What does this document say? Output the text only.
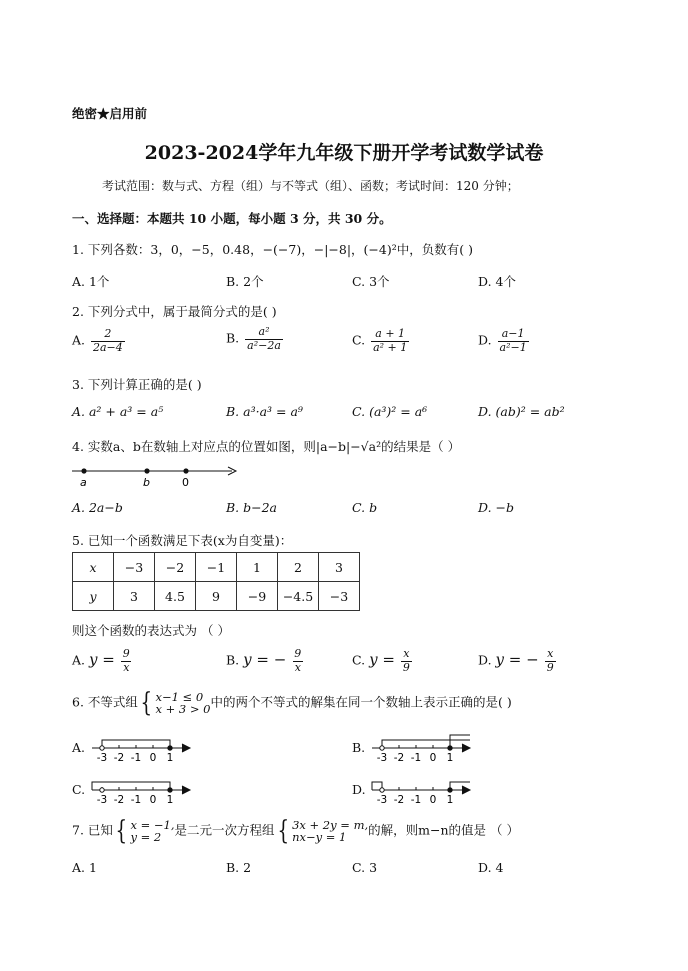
绝密★启用前
2023-2024学年九年级下册开学考试数学试卷
考试范围：数与式、方程（组）与不等式（组）、函数；考试时间：120 分钟；
一、选择题：本题共 10 小题，每小题 3 分，共 30 分。
1. 下列各数：3，0，−5，0.48，−(−7)，−|−8|，(−4)²中，负数有( )
A. 1个	B. 2个	C. 3个	D. 4个
2. 下列分式中，属于最简分式的是( )
A. $\frac{2}{2a-4}$	B. $\frac{\text{a²}}{\text{a²−2a}}$	C. $\frac{a + 1}{\text{a² + 1}}$	D. $\frac{a-1}{\text{a²−1}}$
3. 下列计算正确的是( )
A. a² + a³ = a⁵	B. a³·a³ = a⁹	C. (a³)² = a⁶	D. (ab)² = ab²
4. 实数a、b在数轴上对应点的位置如图，则|a−b|−√a²的结果是（ ）
a	b	0
A. 2a−b	B. b−2a	C. b	D. −b
5. 已知一个函数满足下表(x为自变量)：
x	−3	−2	−1	1	2	3
y	3	4.5	9	−9	−4.5	−3
则这个函数的表达式为 （ ）
A. $y = \frac{9}{x}$	B. y = − $\frac{9}{x}$	C. $y = \frac{x}{9}$	D. y = − $\frac{x}{9}$
6. 不等式组 { x−1 ≤ 0
x + 3 > 0 中的两个不等式的解集在同一个数轴上表示正确的是( )
A.	B.
C.	D.
-3 -2 -1 0 1	-3 -2 -1 0 1
-3 -2 -1 0 1	-3 -2 -1 0 1
7. 已知 { x = −1,
y = 2	是二元一次方程组 { 3x + 2y = m,
nx−y = 1	的解，则m−n的值是 （ ）
A. 1	B. 2	C. 3	D. 4
